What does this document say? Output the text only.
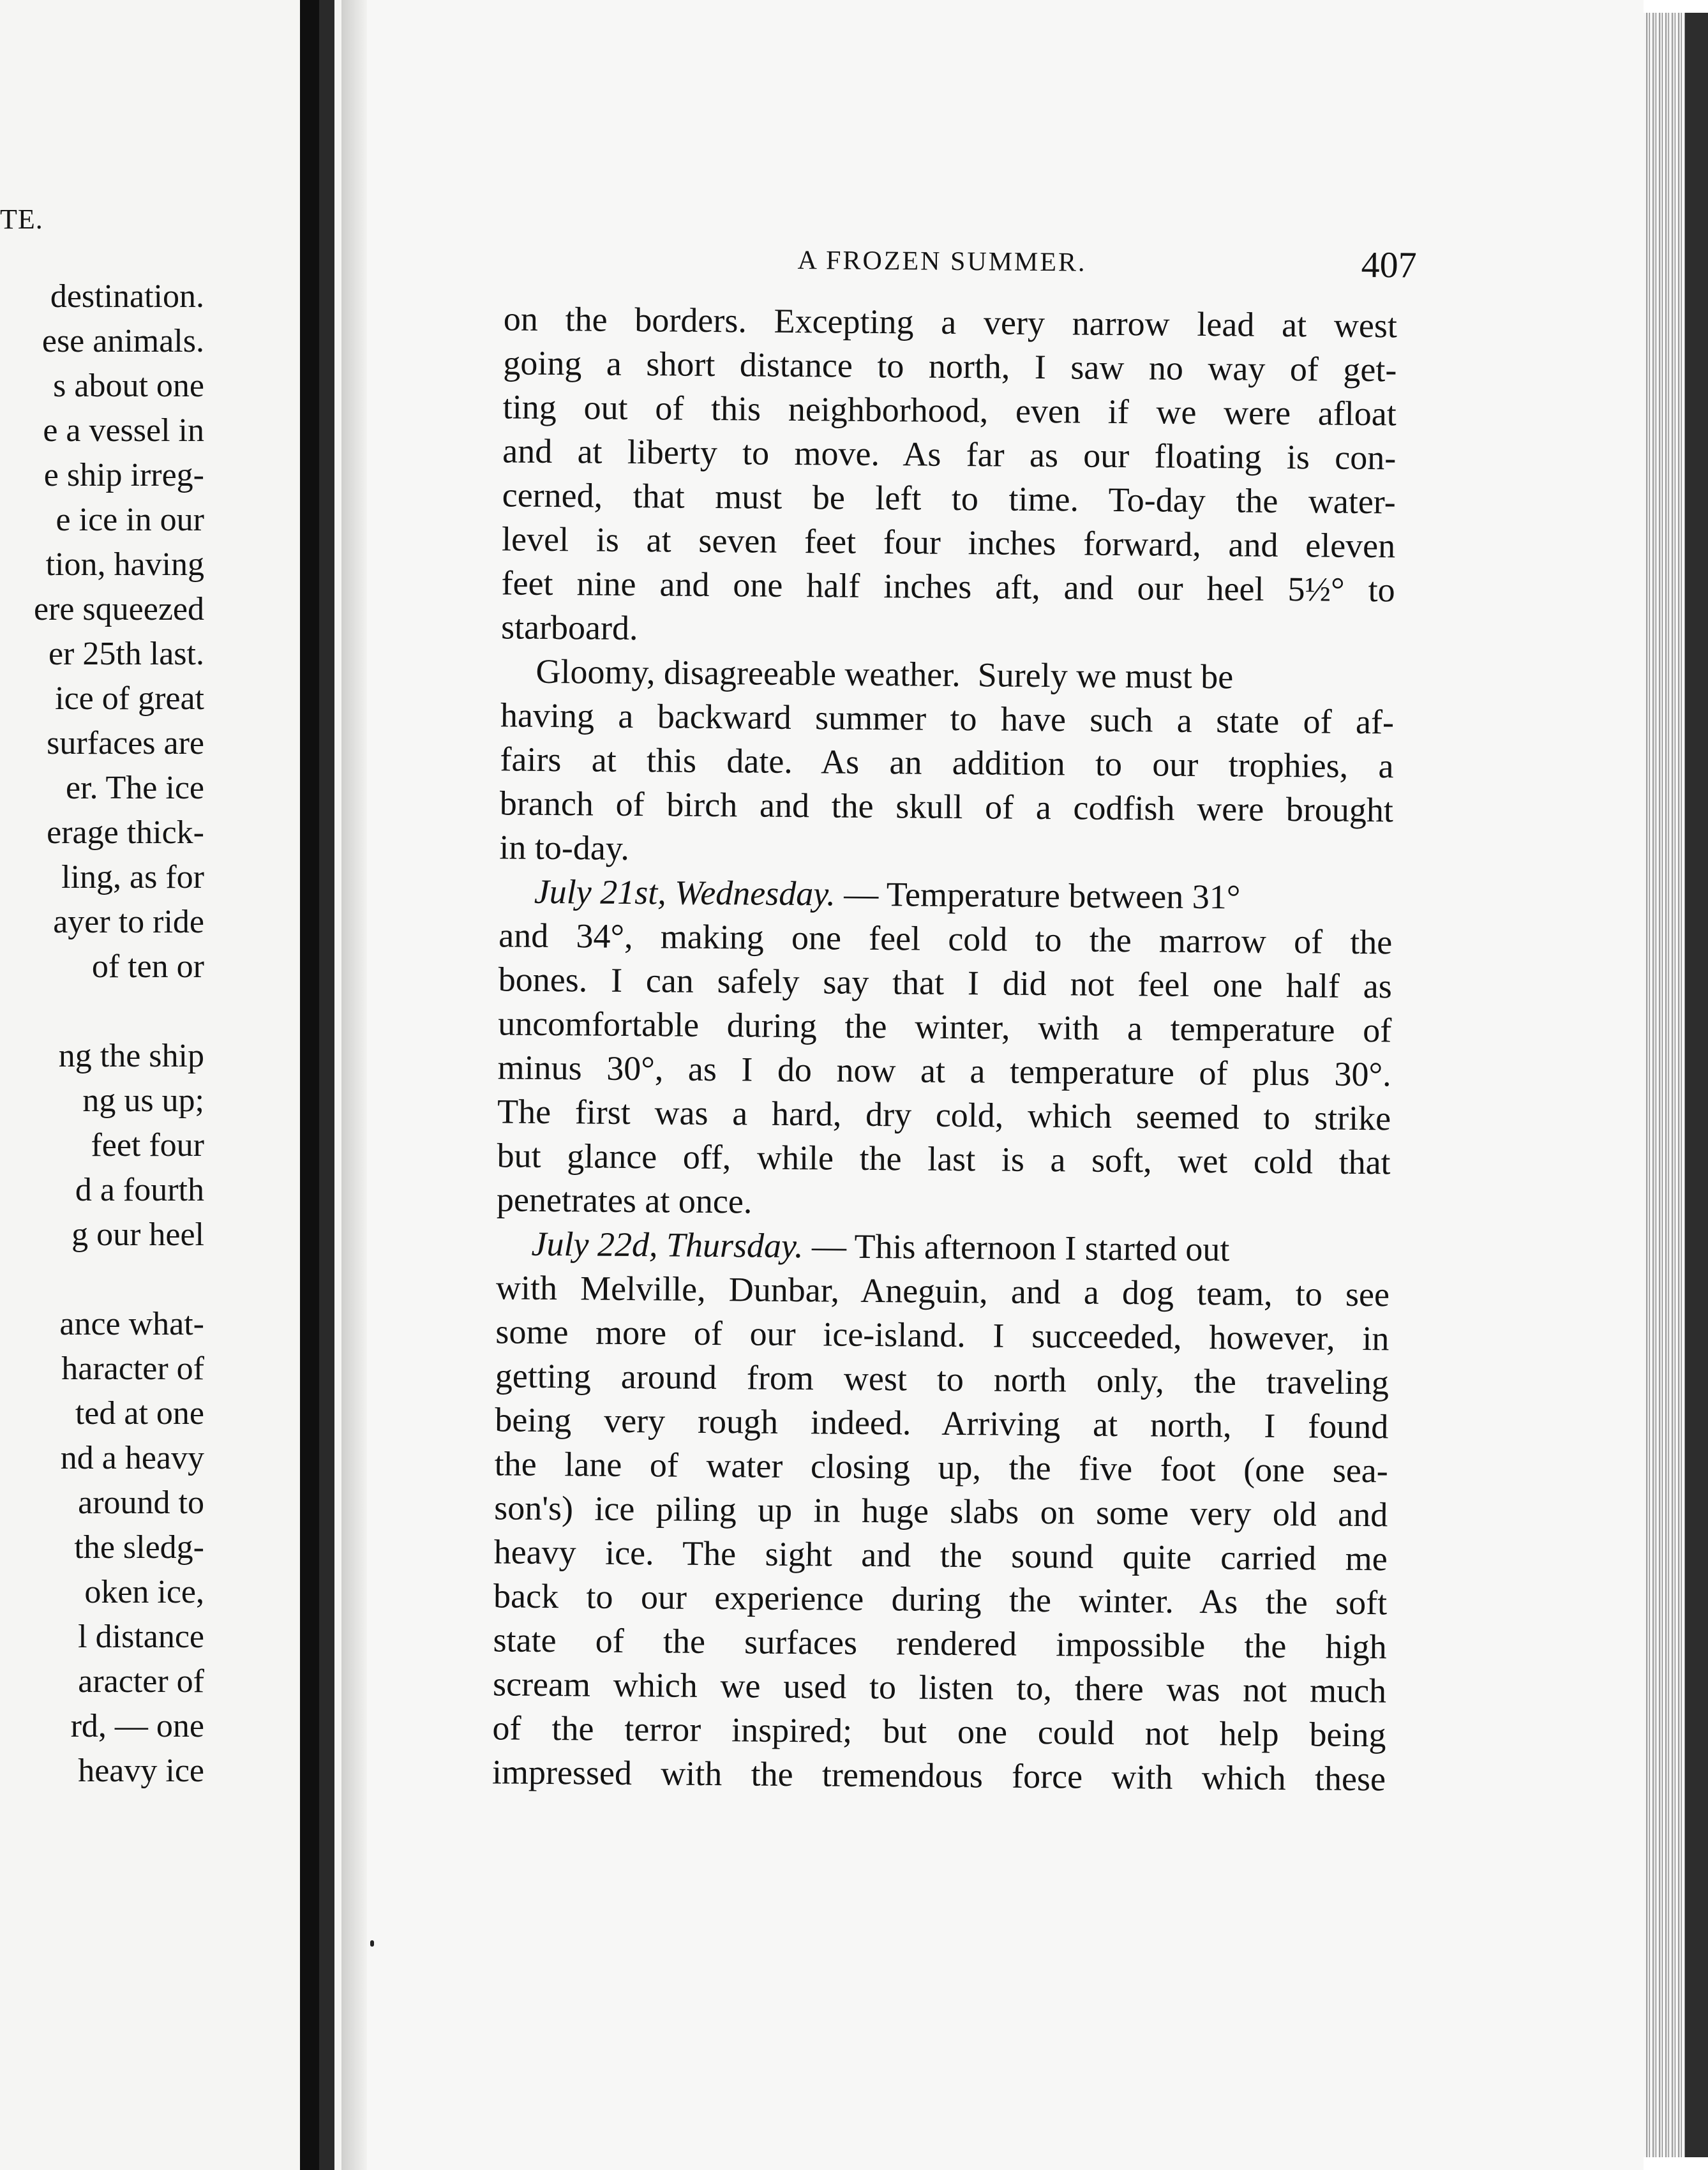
TE.
destination.
ese animals.
s about one
e a vessel in
e ship irreg-
e ice in our
tion, having
ere squeezed
er 25th last.
ice of great
surfaces are
er. The ice
erage thick-
ling, as for
ayer to ride
of ten or
ng the ship
ng us up;
feet four
d a fourth
g our heel
ance what-
haracter of
ted at one
nd a heavy
around to
the sledg-
oken ice,
l distance
aracter of
rd, — one
heavy ice
A FROZEN SUMMER.	407
on the borders. Excepting a very narrow lead at west
going a short distance to north, I saw no way of get-
ting out of this neighborhood, even if we were afloat
and at liberty to move. As far as our floating is con-
cerned, that must be left to time. To-day the water-
level is at seven feet four inches forward, and eleven
feet nine and one half inches aft, and our heel 5½° to
starboard.
Gloomy, disagreeable weather.  Surely we must be
having a backward summer to have such a state of af-
fairs at this date. As an addition to our trophies, a
branch of birch and the skull of a codfish were brought
in to-day.
July 21st, Wednesday. — Temperature between 31°
and 34°, making one feel cold to the marrow of the
bones. I can safely say that I did not feel one half as
uncomfortable during the winter, with a temperature of
minus 30°, as I do now at a temperature of plus 30°.
The first was a hard, dry cold, which seemed to strike
but glance off, while the last is a soft, wet cold that
penetrates at once.
July 22d, Thursday. — This afternoon I started out
with Melville, Dunbar, Aneguin, and a dog team, to see
some more of our ice-island. I succeeded, however, in
getting around from west to north only, the traveling
being very rough indeed. Arriving at north, I found
the lane of water closing up, the five foot (one sea-
son's) ice piling up in huge slabs on some very old and
heavy ice. The sight and the sound quite carried me
back to our experience during the winter. As the soft
state of the surfaces rendered impossible the high
scream which we used to listen to, there was not much
of the terror inspired; but one could not help being
impressed with the tremendous force with which these
